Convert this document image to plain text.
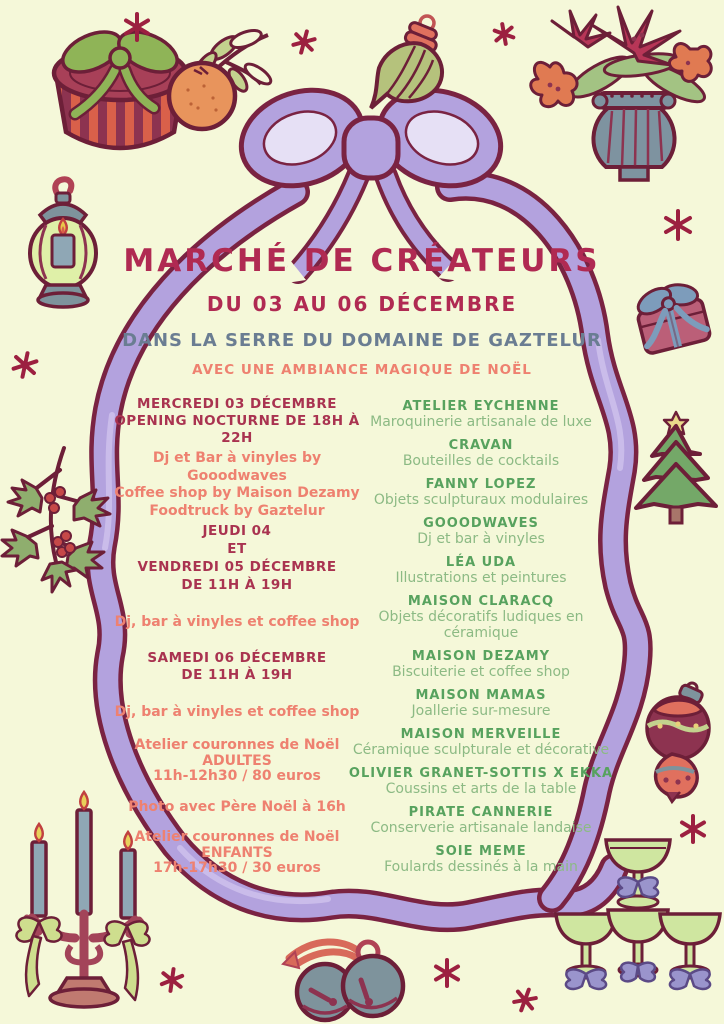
MARCHÉ DE CRÉATEURS
DU 03 AU 06 DÉCEMBRE
DANS LA SERRE DU DOMAINE DE GAZTELUR
AVEC UNE AMBIANCE MAGIQUE DE NOËL
MERCREDI 03 DÉCEMBRE
OPENING NOCTURNE DE 18H À 22H
Dj et Bar à vinyles by Gooodwaves
Coffee shop by Maison Dezamy
Foodtruck by Gaztelur
JEUDI 04
ET
VENDREDI 05 DÉCEMBRE
DE 11H À 19H
Dj, bar à vinyles et coffee shop
SAMEDI 06 DÉCEMBRE
DE 11H À 19H
Dj, bar à vinyles et coffee shop
Atelier couronnes de Noël
ADULTES
11h-12h30 / 80 euros
Photo avec Père Noël à 16h
Atelier couronnes de Noël
ENFANTS
17h-17h30 / 30 euros
ATELIER EYCHENNE
Maroquinerie artisanale de luxe
CRAVAN
Bouteilles de cocktails
FANNY LOPEZ
Objets sculpturaux modulaires
GOOODWAVES
Dj et bar à vinyles
LÉA UDA
Illustrations et peintures
MAISON CLARACQ
Objets décoratifs ludiques en céramique
MAISON DEZAMY
Biscuiterie et coffee shop
MAISON MAMAS
Joallerie sur-mesure
MAISON MERVEILLE
Céramique sculpturale et décorative
OLIVIER GRANET-SOTTIS X EKKA
Coussins et arts de la table
PIRATE CANNERIE
Conserverie artisanale landaise
SOIE MEME
Foulards dessinés à la main
